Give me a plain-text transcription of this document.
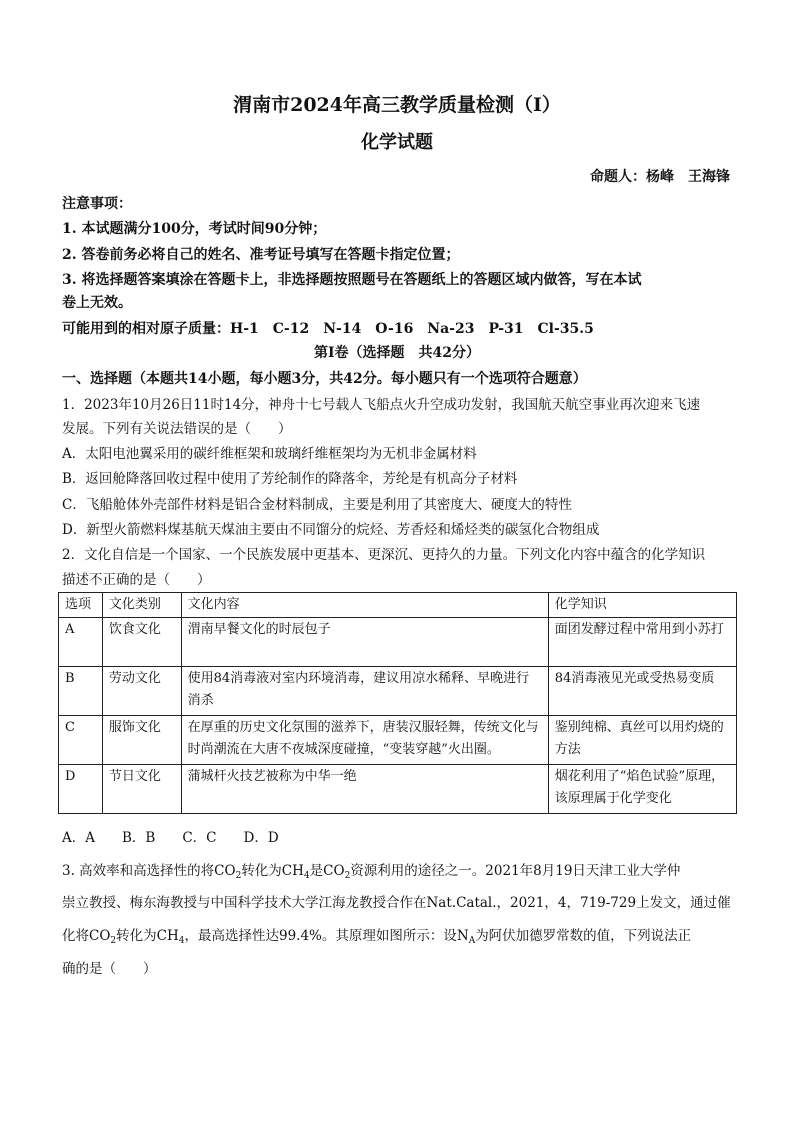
渭南市2024年高三教学质量检测（Ⅰ）
化学试题
命题人：杨峰　王海锋
注意事项：
1. 本试题满分100分，考试时间90分钟；
2. 答卷前务必将自己的姓名、准考证号填写在答题卡指定位置；
3. 将选择题答案填涂在答题卡上，非选择题按照题号在答题纸上的答题区域内做答，写在本试
卷上无效。
可能用到的相对原子质量：H-1　C-12　N-14　O-16　Na-23　P-31　Cl-35.5
第Ⅰ卷（选择题　共42分）
一、选择题（本题共14小题，每小题3分，共42分。每小题只有一个选项符合题意）
1．2023年10月26日11时14分，神舟十七号载人飞船点火升空成功发射，我国航天航空事业再次迎来飞速
发展。下列有关说法错误的是（　　）
A．太阳电池翼采用的碳纤维框架和玻璃纤维框架均为无机非金属材料
B．返回舱降落回收过程中使用了芳纶制作的降落伞，芳纶是有机高分子材料
C．飞船舱体外壳部件材料是铝合金材料制成，主要是利用了其密度大、硬度大的特性
D．新型火箭燃料煤基航天煤油主要由不同馏分的烷烃、芳香烃和烯烃类的碳氢化合物组成
2．文化自信是一个国家、一个民族发展中更基本、更深沉、更持久的力量。下列文化内容中蕴含的化学知识
描述不正确的是（　　）
选项	文化类别	文化内容	化学知识
A	饮食文化	渭南早餐文化的时辰包子	面团发酵过程中常用到小苏打
B	劳动文化	使用84消毒液对室内环境消毒，建议用凉水稀释、早晚进行消杀	84消毒液见光或受热易变质
C	服饰文化	在厚重的历史文化氛围的滋养下，唐装汉服轻舞，传统文化与时尚潮流在大唐不夜城深度碰撞，“变装穿越”火出圈。	鉴别纯棉、真丝可以用灼烧的方法
D	节日文化	蒲城杆火技艺被称为中华一绝	烟花利用了“焰色试验”原理，该原理属于化学变化
A．A　　B．B　　C．C　　D．D
3. 高效率和高选择性的将$CO_2$转化为$CH_4$是$CO_2$资源利用的途径之一。2021年8月19日天津工业大学仲
崇立教授、梅东海教授与中国科学技术大学江海龙教授合作在Nat.Catal.，2021，4，719-729上发文，通过催
化将$CO_2$转化为$CH_4$，最高选择性达99.4%。其原理如图所示：设$N_A$为阿伏加德罗常数的值，下列说法正
确的是（　　）
